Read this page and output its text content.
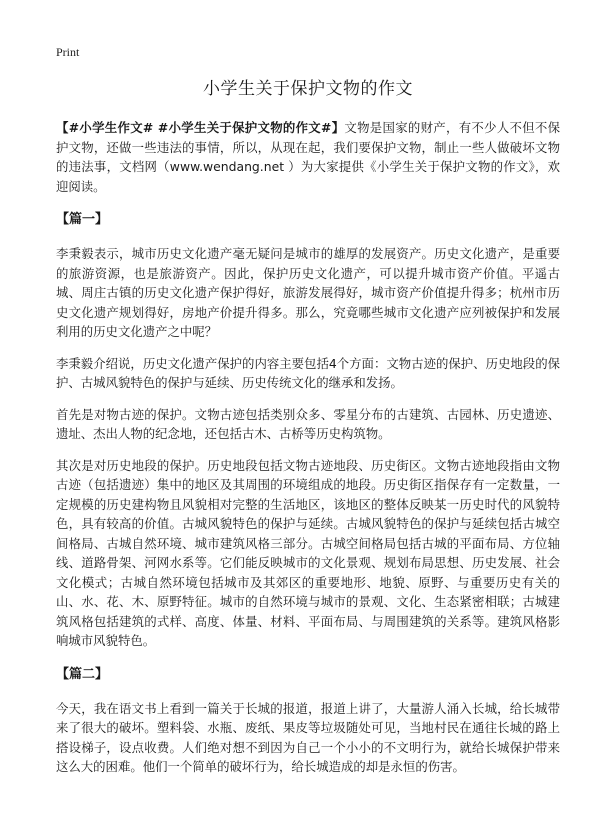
Print
小学生关于保护文物的作文

【#小学生作文# #小学生关于保护文物的作文#】文物是国家的财产，有不少人不但不保护文物，还做一些违法的事情，所以，从现在起，我们要保护文物，制止一些人做破坏文物的违法事，文档网（www.wendang.net ）为大家提供《小学生关于保护文物的作文》，欢迎阅读。

【篇一】

李秉毅表示，城市历史文化遗产毫无疑问是城市的雄厚的发展资产。历史文化遗产，是重要的旅游资源，也是旅游资产。因此，保护历史文化遗产，可以提升城市资产价值。平遥古城、周庄古镇的历史文化遗产保护得好，旅游发展得好，城市资产价值提升得多；杭州市历史文化遗产规划得好，房地产价提升得多。那么，究竟哪些城市文化遗产应列被保护和发展利用的历史文化遗产之中呢？

李秉毅介绍说，历史文化遗产保护的内容主要包括4个方面：文物古迹的保护、历史地段的保护、古城风貌特色的保护与延续、历史传统文化的继承和发扬。

首先是对物古迹的保护。文物古迹包括类别众多、零星分布的古建筑、古园林、历史遗迹、遗址、杰出人物的纪念地，还包括古木、古桥等历史构筑物。

其次是对历史地段的保护。历史地段包括文物古迹地段、历史街区。文物古迹地段指由文物古迹（包括遗迹）集中的地区及其周围的环境组成的地段。历史街区指保存有一定数量，一定规模的历史建构物且风貌相对完整的生活地区，该地区的整体反映某一历史时代的风貌特色，具有较高的价值。古城风貌特色的保护与延续。古城风貌特色的保护与延续包括古城空间格局、古城自然环境、城市建筑风格三部分。古城空间格局包括古城的平面布局、方位轴线、道路骨架、河网水系等。它们能反映城市的文化景观、规划布局思想、历史发展、社会文化模式；古城自然环境包括城市及其郊区的重要地形、地貌、原野、与重要历史有关的山、水、花、木、原野特征。城市的自然环境与城市的景观、文化、生态紧密相联；古城建筑风格包括建筑的式样、高度、体量、材料、平面布局、与周围建筑的关系等。建筑风格影响城市风貌特色。

【篇二】

今天，我在语文书上看到一篇关于长城的报道，报道上讲了，大量游人涌入长城，给长城带来了很大的破坏。塑料袋、水瓶、废纸、果皮等垃圾随处可见，当地村民在通往长城的路上搭设梯子，设点收费。人们绝对想不到因为自己一个小小的不文明行为，就给长城保护带来这么大的困难。他们一个简单的破坏行为，给长城造成的却是永恒的伤害。
